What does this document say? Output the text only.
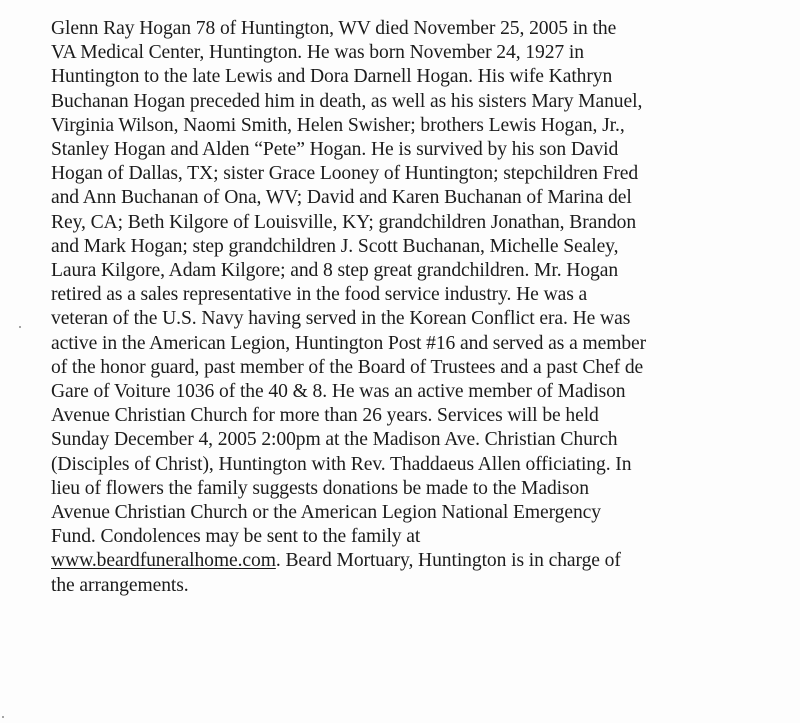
Glenn Ray Hogan 78 of Huntington, WV died November 25, 2005 in the
VA Medical Center, Huntington. He was born November 24, 1927 in
Huntington to the late Lewis and Dora Darnell Hogan. His wife Kathryn
Buchanan Hogan preceded him in death, as well as his sisters Mary Manuel,
Virginia Wilson, Naomi Smith, Helen Swisher; brothers Lewis Hogan, Jr.,
Stanley Hogan and Alden “Pete” Hogan. He is survived by his son David
Hogan of Dallas, TX; sister Grace Looney of Huntington; stepchildren Fred
and Ann Buchanan of Ona, WV; David and Karen Buchanan of Marina del
Rey, CA; Beth Kilgore of Louisville, KY; grandchildren Jonathan, Brandon
and Mark Hogan; step grandchildren J. Scott Buchanan, Michelle Sealey,
Laura Kilgore, Adam Kilgore; and 8 step great grandchildren. Mr. Hogan
retired as a sales representative in the food service industry. He was a
veteran of the U.S. Navy having served in the Korean Conflict era. He was
active in the American Legion, Huntington Post #16 and served as a member
of the honor guard, past member of the Board of Trustees and a past Chef de
Gare of Voiture 1036 of the 40 & 8. He was an active member of Madison
Avenue Christian Church for more than 26 years. Services will be held
Sunday December 4, 2005 2:00pm at the Madison Ave. Christian Church
(Disciples of Christ), Huntington with Rev. Thaddaeus Allen officiating. In
lieu of flowers the family suggests donations be made to the Madison
Avenue Christian Church or the American Legion National Emergency
Fund. Condolences may be sent to the family at
www.beardfuneralhome.com. Beard Mortuary, Huntington is in charge of
the arrangements.
